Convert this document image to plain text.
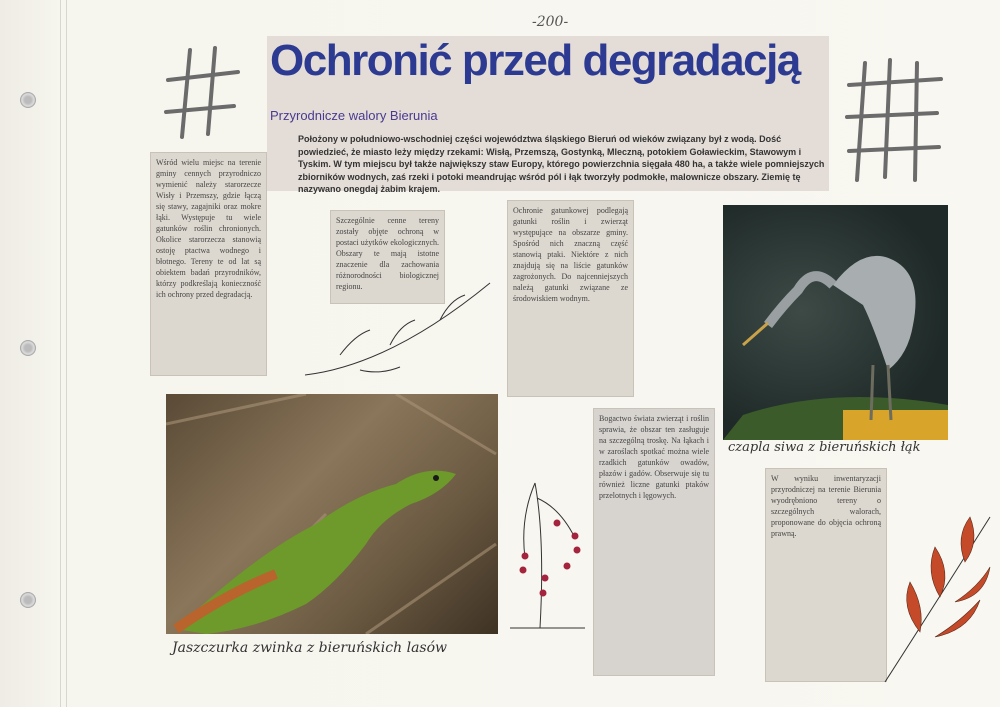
-200-
Ochronić przed degradacją

Przyrodnicze walory Bierunia

Położony w południowo-wschodniej części województwa śląskiego Bieruń od wieków związany był z wodą. Dość powiedzieć, że miasto leży między rzekami: Wisłą, Przemszą, Gostynką, Mleczną, potokiem Goławieckim, Stawowym i Tyskim. W tym miejscu był także największy staw Europy, którego powierzchnia sięgała 480 ha, a także wiele pomniejszych zbiorników wodnych, zaś rzeki i potoki meandrując wśród pól i łąk tworzyły podmokłe, malownicze obszary. Ziemię tę nazywano onegdaj żabim krajem.

Wśród wielu miejsc na terenie gminy cennych przyrodniczo wymienić należy starorzecze Wisły i Przemszy, gdzie łączą się stawy, zagajniki oraz mokre łąki. Występuje tu wiele gatunków roślin chronionych. Okolice starorzecza stanowią ostoję ptactwa wodnego i błotnego. Tereny te od lat są obiektem badań przyrodników, którzy podkreślają konieczność ich ochrony przed degradacją.
Szczególnie cenne tereny zostały objęte ochroną w postaci użytków ekologicznych. Obszary te mają istotne znaczenie dla zachowania różnorodności biologicznej regionu.
Ochronie gatunkowej podlegają gatunki roślin i zwierząt występujące na obszarze gminy. Spośród nich znaczną część stanowią ptaki. Niektóre z nich znajdują się na liście gatunków zagrożonych. Do najcenniejszych należą gatunki związane ze środowiskiem wodnym.
Bogactwo świata zwierząt i roślin sprawia, że obszar ten zasługuje na szczególną troskę. Na łąkach i w zaroślach spotkać można wiele rzadkich gatunków owadów, płazów i gadów. Obserwuje się tu również liczne gatunki ptaków przelotnych i lęgowych.
W wyniku inwentaryzacji przyrodniczej na terenie Bierunia wyodrębniono tereny o szczególnych walorach, proponowane do objęcia ochroną prawną.
czapla siwa z bieruńskich łąk
Jaszczurka zwinka z bieruńskich lasów
